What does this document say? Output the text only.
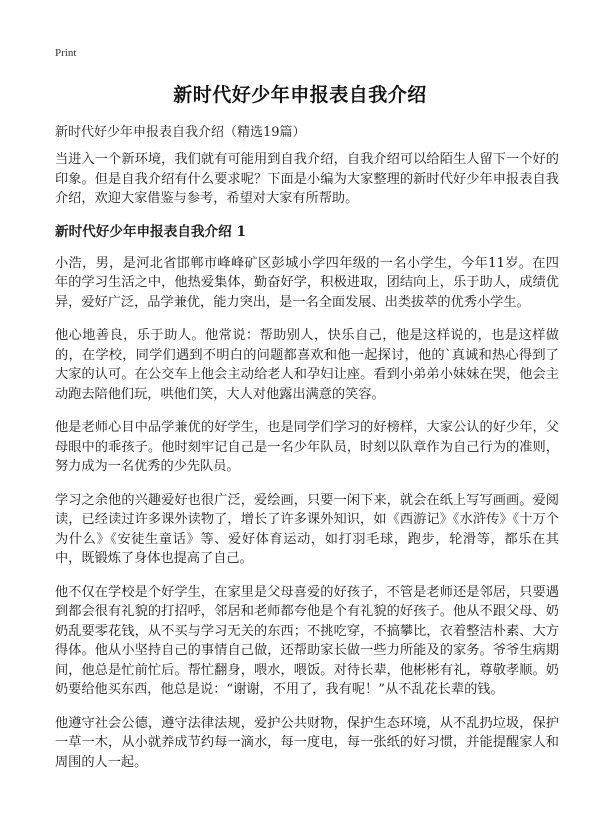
Print
新时代好少年申报表自我介绍
新时代好少年申报表自我介绍（精选19篇）

当进入一个新环境，我们就有可能用到自我介绍，自我介绍可以给陌生人留下一个好的印象。但是自我介绍有什么要求呢？下面是小编为大家整理的新时代好少年申报表自我介绍，欢迎大家借鉴与参考，希望对大家有所帮助。

新时代好少年申报表自我介绍 1

小浩，男，是河北省邯郸市峰峰矿区彭城小学四年级的一名小学生，今年11岁。在四年的学习生活之中，他热爱集体，勤奋好学，积极进取，团结向上，乐于助人，成绩优异，爱好广泛，品学兼优，能力突出，是一名全面发展、出类拔萃的优秀小学生。

他心地善良，乐于助人。他常说：帮助别人，快乐自己，他是这样说的，也是这样做的，在学校，同学们遇到不明白的问题都喜欢和他一起探讨，他的`真诚和热心得到了大家的认可。在公交车上他会主动给老人和孕妇让座。看到小弟弟小妹妹在哭，他会主动跑去陪他们玩，哄他们笑，大人对他露出满意的笑容。

他是老师心目中品学兼优的好学生，也是同学们学习的好榜样，大家公认的好少年，父母眼中的乖孩子。他时刻牢记自己是一名少年队员，时刻以队章作为自己行为的准则，努力成为一名优秀的少先队员。

学习之余他的兴趣爱好也很广泛，爱绘画，只要一闲下来，就会在纸上写写画画。爱阅读，已经读过许多课外读物了，增长了许多课外知识，如《西游记》《水浒传》《十万个为什么》《安徒生童话》等、爱好体育运动，如打羽毛球，跑步，轮滑等，都乐在其中，既锻炼了身体也提高了自己。

他不仅在学校是个好学生，在家里是父母喜爱的好孩子，不管是老师还是邻居，只要遇到都会很有礼貌的打招呼，邻居和老师都夸他是个有礼貌的好孩子。他从不跟父母、奶奶乱要零花钱，从不买与学习无关的东西；不挑吃穿，不搞攀比，衣着整洁朴素、大方得体。他从小坚持自己的事情自己做，还帮助家长做一些力所能及的家务。爷爷生病期间，他总是忙前忙后。帮忙翻身，喂水，喂饭。对待长辈，他彬彬有礼，尊敬孝顺。奶奶要给他买东西，他总是说：“谢谢，不用了，我有呢！”从不乱花长辈的钱。

他遵守社会公德，遵守法律法规，爱护公共财物，保护生态环境，从不乱扔垃圾，保护一草一木，从小就养成节约每一滴水，每一度电，每一张纸的好习惯，并能提醒家人和周围的人一起。
